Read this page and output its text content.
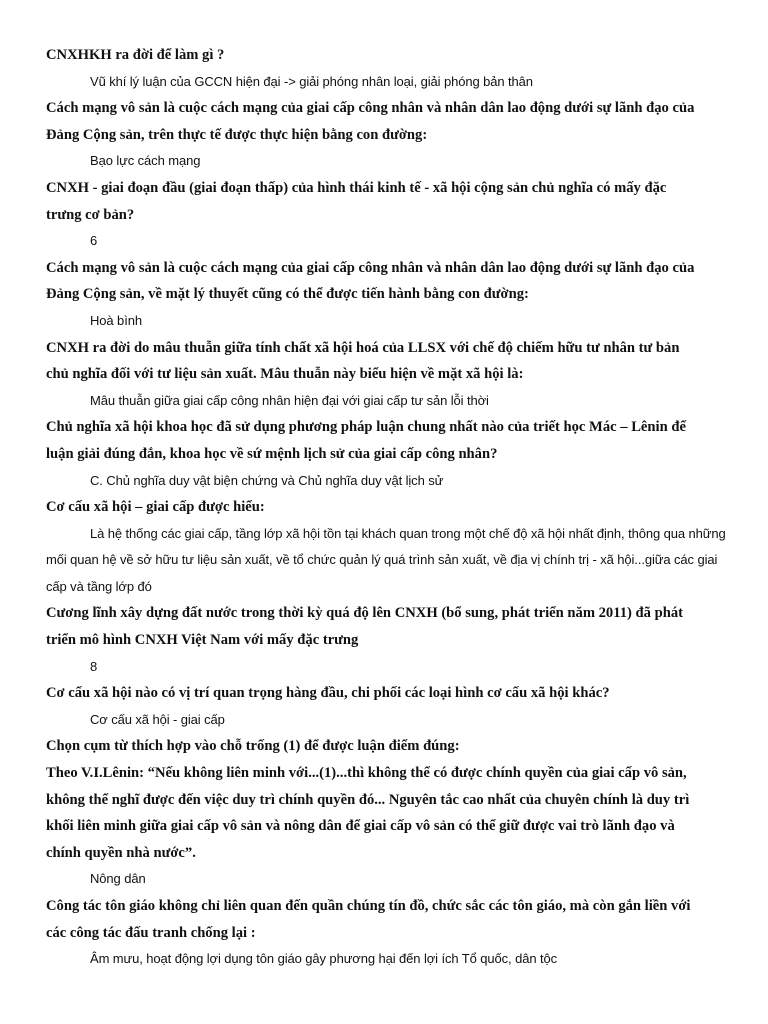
CNXHKH ra đời để làm gì ?

Vũ khí lý luận của GCCN hiện đại -> giải phóng nhân loại, giải phóng bản thân

Cách mạng vô sản là cuộc cách mạng của giai cấp công nhân và nhân dân lao động dưới sự lãnh đạo của
Đảng Cộng sản, trên thực tế được thực hiện bằng con đường:

Bạo lực cách mạng

CNXH - giai đoạn đầu (giai đoạn thấp) của hình thái kinh tế - xã hội cộng sản chủ nghĩa có mấy đặc
trưng cơ bản?

6

Cách mạng vô sản là cuộc cách mạng của giai cấp công nhân và nhân dân lao động dưới sự lãnh đạo của
Đảng Cộng sản, về mặt lý thuyết cũng có thể được tiến hành bằng con đường:

Hoà bình

CNXH ra đời do mâu thuẫn giữa tính chất xã hội hoá của LLSX với chế độ chiếm hữu tư nhân tư bản
chủ nghĩa đối với tư liệu sản xuất. Mâu thuẫn này biểu hiện về mặt xã hội là:

Mâu thuẫn giữa giai cấp công nhân hiện đại với giai cấp tư sản lỗi thời

Chủ nghĩa xã hội khoa học đã sử dụng phương pháp luận chung nhất nào của triết học Mác – Lênin để
luận giải đúng đắn, khoa học về sứ mệnh lịch sử của giai cấp công nhân?

C. Chủ nghĩa duy vật biện chứng và Chủ nghĩa duy vật lịch sử

Cơ cấu xã hội – giai cấp được hiểu:

Là hệ thống các giai cấp, tầng lớp xã hội tồn tại khách quan trong một chế độ xã hội nhất định, thông qua những mối quan hệ về sở hữu tư liệu sản xuất, về tổ chức quản lý quá trình sản xuất, về địa vị chính trị - xã hội...giữa các giai cấp và tầng lớp đó

Cương lĩnh xây dựng đất nước trong thời kỳ quá độ lên CNXH (bổ sung, phát triển năm 2011) đã phát
triển mô hình CNXH Việt Nam với mấy đặc trưng

8

Cơ cấu xã hội nào có vị trí quan trọng hàng đầu, chi phối các loại hình cơ cấu xã hội khác?

Cơ cấu xã hội - giai cấp

Chọn cụm từ thích hợp vào chỗ trống (1) để được luận điểm đúng:
Theo V.I.Lênin: “Nếu không liên minh với...(1)...thì không thể có được chính quyền của giai cấp vô sản,
không thể nghĩ được đến việc duy trì chính quyền đó... Nguyên tắc cao nhất của chuyên chính là duy trì
khối liên minh giữa giai cấp vô sản và nông dân để giai cấp vô sản có thể giữ được vai trò lãnh đạo và
chính quyền nhà nước”.

Nông dân

Công tác tôn giáo không chỉ liên quan đến quần chúng tín đồ, chức sắc các tôn giáo, mà còn gắn liền với
các công tác đấu tranh chống lại :

Âm mưu, hoạt động lợi dụng tôn giáo gây phương hại đến lợi ích Tổ quốc, dân tộc
